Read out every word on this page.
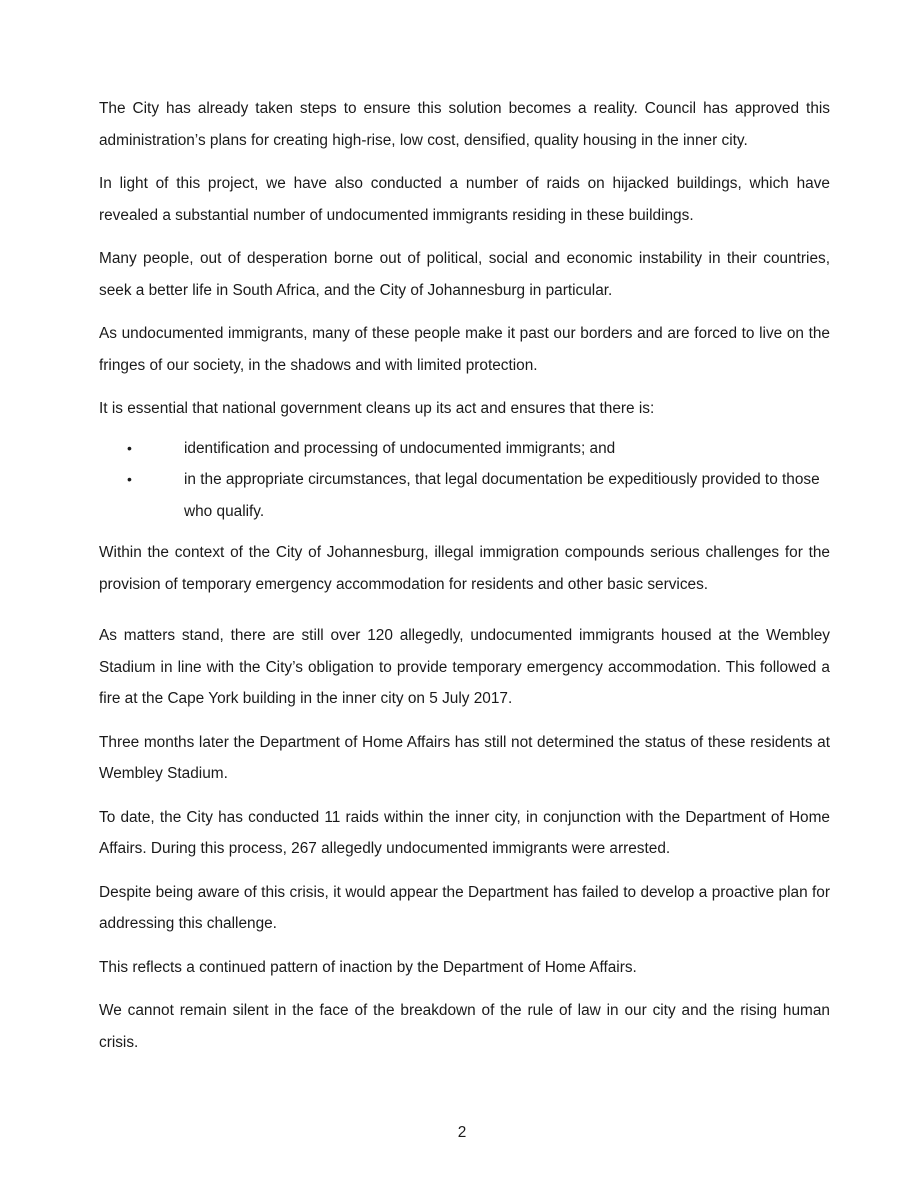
The City has already taken steps to ensure this solution becomes a reality. Council has approved this administration’s plans for creating high-rise, low cost, densified, quality housing in the inner city.

In light of this project, we have also conducted a number of raids on hijacked buildings, which have revealed a substantial number of undocumented immigrants residing in these buildings.

Many people, out of desperation borne out of political, social and economic instability in their countries, seek a better life in South Africa, and the City of Johannesburg in particular.

As undocumented immigrants, many of these people make it past our borders and are forced to live on the fringes of our society, in the shadows and with limited protection.

It is essential that national government cleans up its act and ensures that there is:

•	identification and processing of undocumented immigrants; and
•	in the appropriate circumstances, that legal documentation be expeditiously provided to those who qualify.

Within the context of the City of Johannesburg, illegal immigration compounds serious challenges for the provision of temporary emergency accommodation for residents and other basic services.

As matters stand, there are still over 120 allegedly, undocumented immigrants housed at the Wembley Stadium in line with the City’s obligation to provide temporary emergency accommodation. This followed a fire at the Cape York building in the inner city on 5 July 2017.

Three months later the Department of Home Affairs has still not determined the status of these residents at Wembley Stadium.

To date, the City has conducted 11 raids within the inner city, in conjunction with the Department of Home Affairs. During this process, 267 allegedly undocumented immigrants were arrested.

Despite being aware of this crisis, it would appear the Department has failed to develop a proactive plan for addressing this challenge.

This reflects a continued pattern of inaction by the Department of Home Affairs.

We cannot remain silent in the face of the breakdown of the rule of law in our city and the rising human crisis.

2
